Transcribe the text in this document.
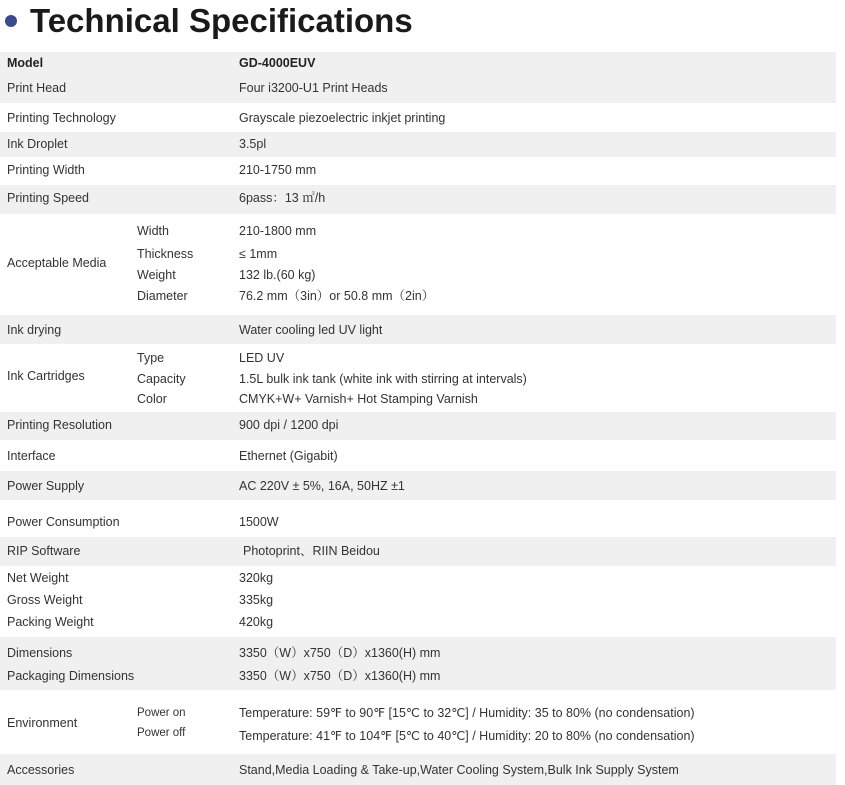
Technical Specifications
Model	GD-4000EUV
Print Head	Four i3200-U1 Print Heads
Printing Technology	Grayscale piezoelectric inkjet printing
Ink Droplet	3.5pl
Printing Width	210-1750 mm
Printing Speed	6pass：13 ㎡/h
Acceptable Media
Width	210-1800 mm
Thickness	≤ 1mm
Weight	132 lb.(60 kg)
Diameter	76.2 mm（3in）or 50.8 mm（2in）
Ink drying	Water cooling led UV light
Ink Cartridges
Type	LED UV
Capacity	1.5L bulk ink tank (white ink with stirring at intervals)
Color	CMYK+W+ Varnish+ Hot Stamping Varnish
Printing Resolution	900 dpi / 1200 dpi
Interface	Ethernet (Gigabit)
Power Supply	AC 220V ± 5%, 16A, 50HZ ±1
Power Consumption	1500W
RIP Software	Photoprint、RIIN Beidou
Net Weight	320kg
Gross Weight	335kg
Packing Weight	420kg
Dimensions	3350（W）x750（D）x1360(H) mm
Packaging Dimensions	3350（W）x750（D）x1360(H) mm
Environment
Power on	Temperature: 59℉ to 90℉ [15℃ to 32℃] / Humidity: 35 to 80% (no condensation)
Power off	Temperature: 41℉ to 104℉ [5℃ to 40℃] / Humidity: 20 to 80% (no condensation)
Accessories	Stand,Media Loading & Take-up,Water Cooling System,Bulk Ink Supply System
